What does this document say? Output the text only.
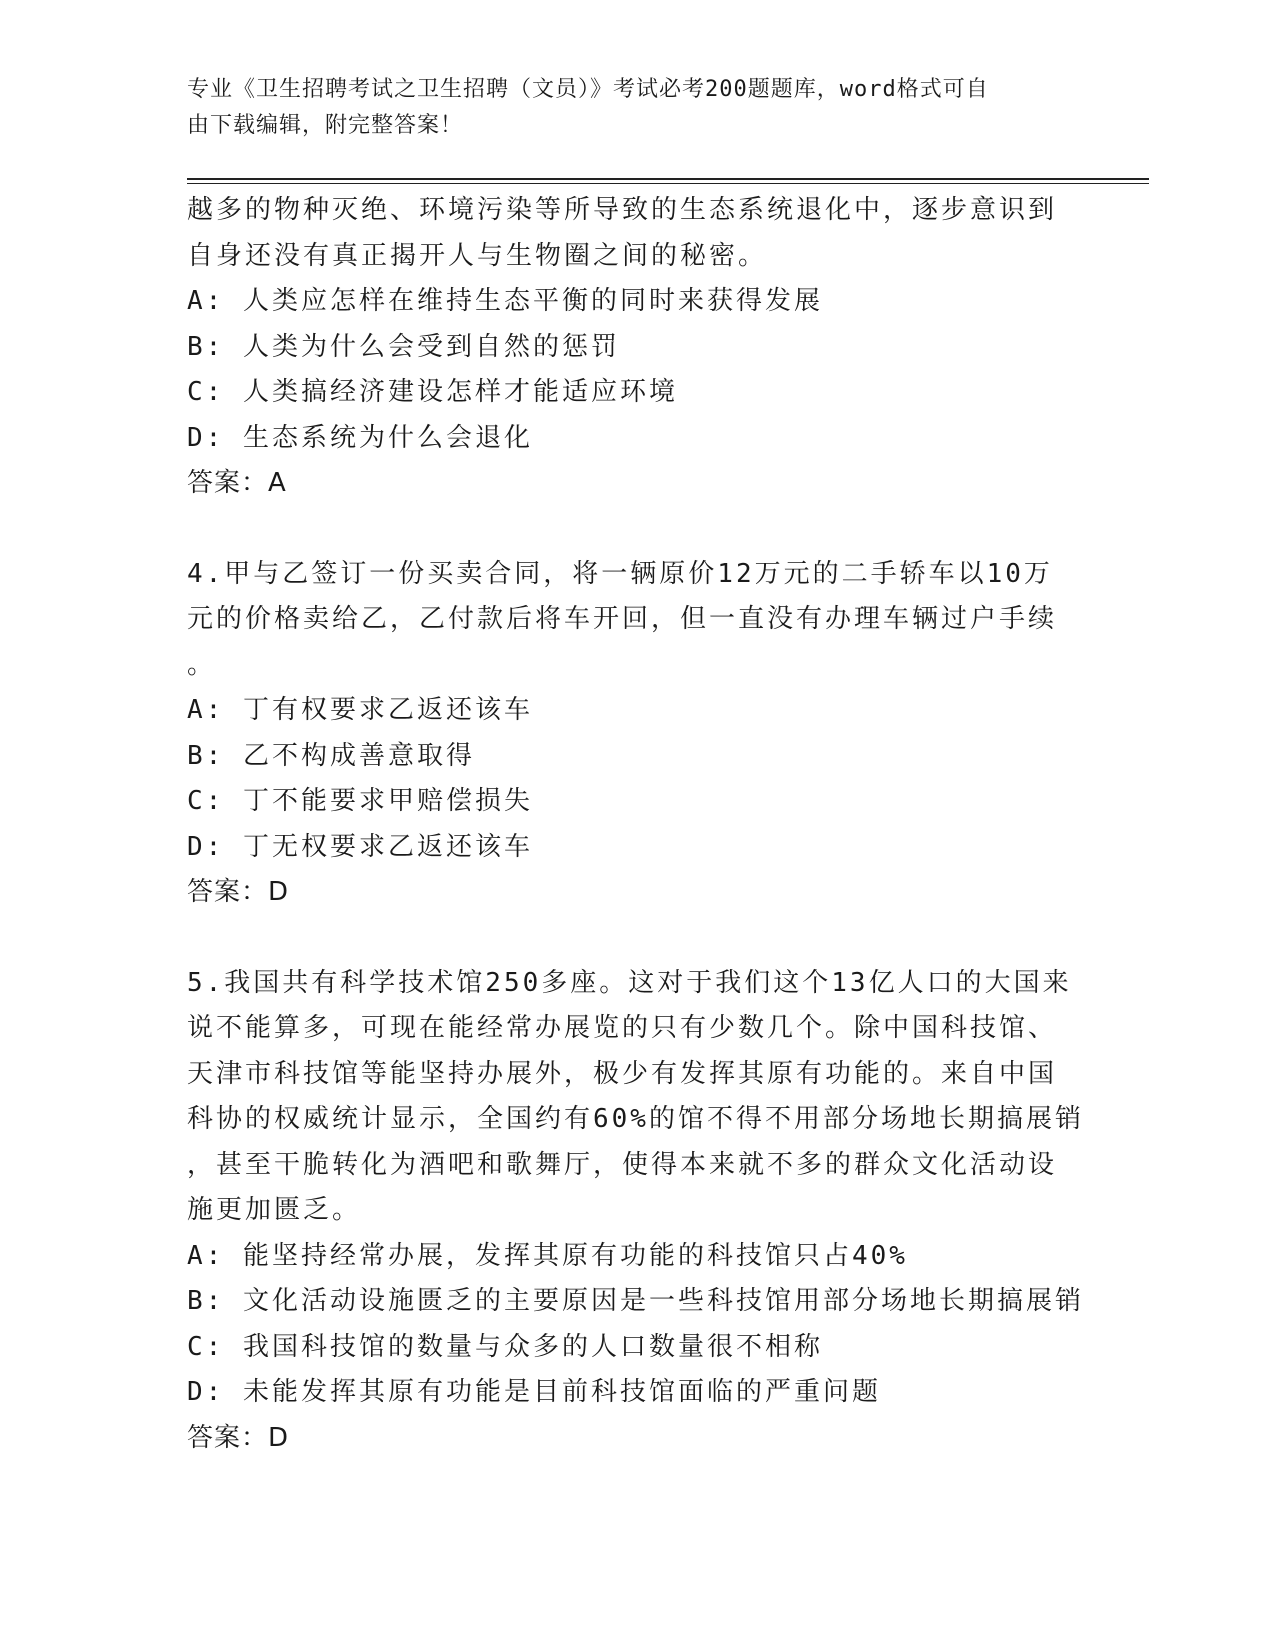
专业《卫生招聘考试之卫生招聘（文员）》考试必考200题题库，word格式可自
由下载编辑，附完整答案！
越多的物种灭绝、环境污染等所导致的生态系统退化中，逐步意识到
自身还没有真正揭开人与生物圈之间的秘密。
A: 人类应怎样在维持生态平衡的同时来获得发展
B: 人类为什么会受到自然的惩罚
C: 人类搞经济建设怎样才能适应环境
D: 生态系统为什么会退化
答案：A
4.甲与乙签订一份买卖合同，将一辆原价12万元的二手轿车以10万
元的价格卖给乙，乙付款后将车开回，但一直没有办理车辆过户手续
。
A: 丁有权要求乙返还该车
B: 乙不构成善意取得
C: 丁不能要求甲赔偿损失
D: 丁无权要求乙返还该车
答案：D
5.我国共有科学技术馆250多座。这对于我们这个13亿人口的大国来
说不能算多，可现在能经常办展览的只有少数几个。除中国科技馆、
天津市科技馆等能坚持办展外，极少有发挥其原有功能的。来自中国
科协的权威统计显示，全国约有60%的馆不得不用部分场地长期搞展销
，甚至干脆转化为酒吧和歌舞厅，使得本来就不多的群众文化活动设
施更加匮乏。
A: 能坚持经常办展，发挥其原有功能的科技馆只占40%
B: 文化活动设施匮乏的主要原因是一些科技馆用部分场地长期搞展销
C: 我国科技馆的数量与众多的人口数量很不相称
D: 未能发挥其原有功能是目前科技馆面临的严重问题
答案：D
